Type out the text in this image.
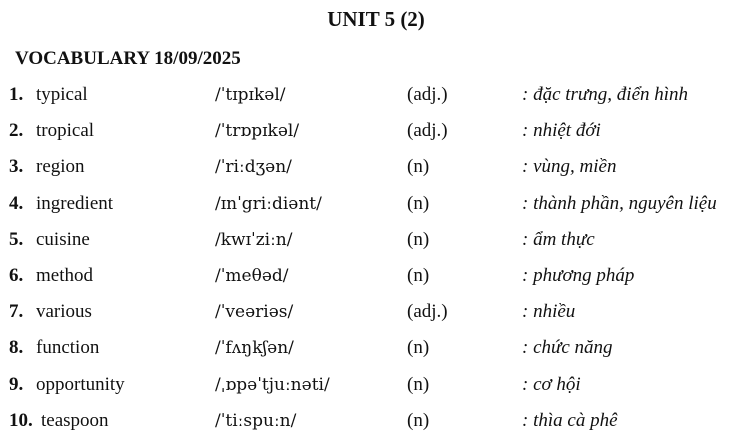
UNIT 5 (2)
VOCABULARY 18/09/2025
1. typical	/ˈtɪpɪkəl/	(adj.)	: đặc trưng, điển hình
2. tropical	/ˈtrɒpɪkəl/	(adj.)	: nhiệt đới
3. region	/ˈriːdʒən/	(n)	: vùng, miền
4. ingredient	/ɪnˈgriːdiənt/	(n)	: thành phần, nguyên liệu
5. cuisine	/kwɪˈziːn/	(n)	: ẩm thực
6. method	/ˈmeθəd/	(n)	: phương pháp
7. various	/ˈveəriəs/	(adj.)	: nhiều
8. function	/ˈfʌŋkʃən/	(n)	: chức năng
9. opportunity	/ˌɒpəˈtjuːnəti/	(n)	: cơ hội
10. teaspoon	/ˈtiːspuːn/	(n)	: thìa cà phê
